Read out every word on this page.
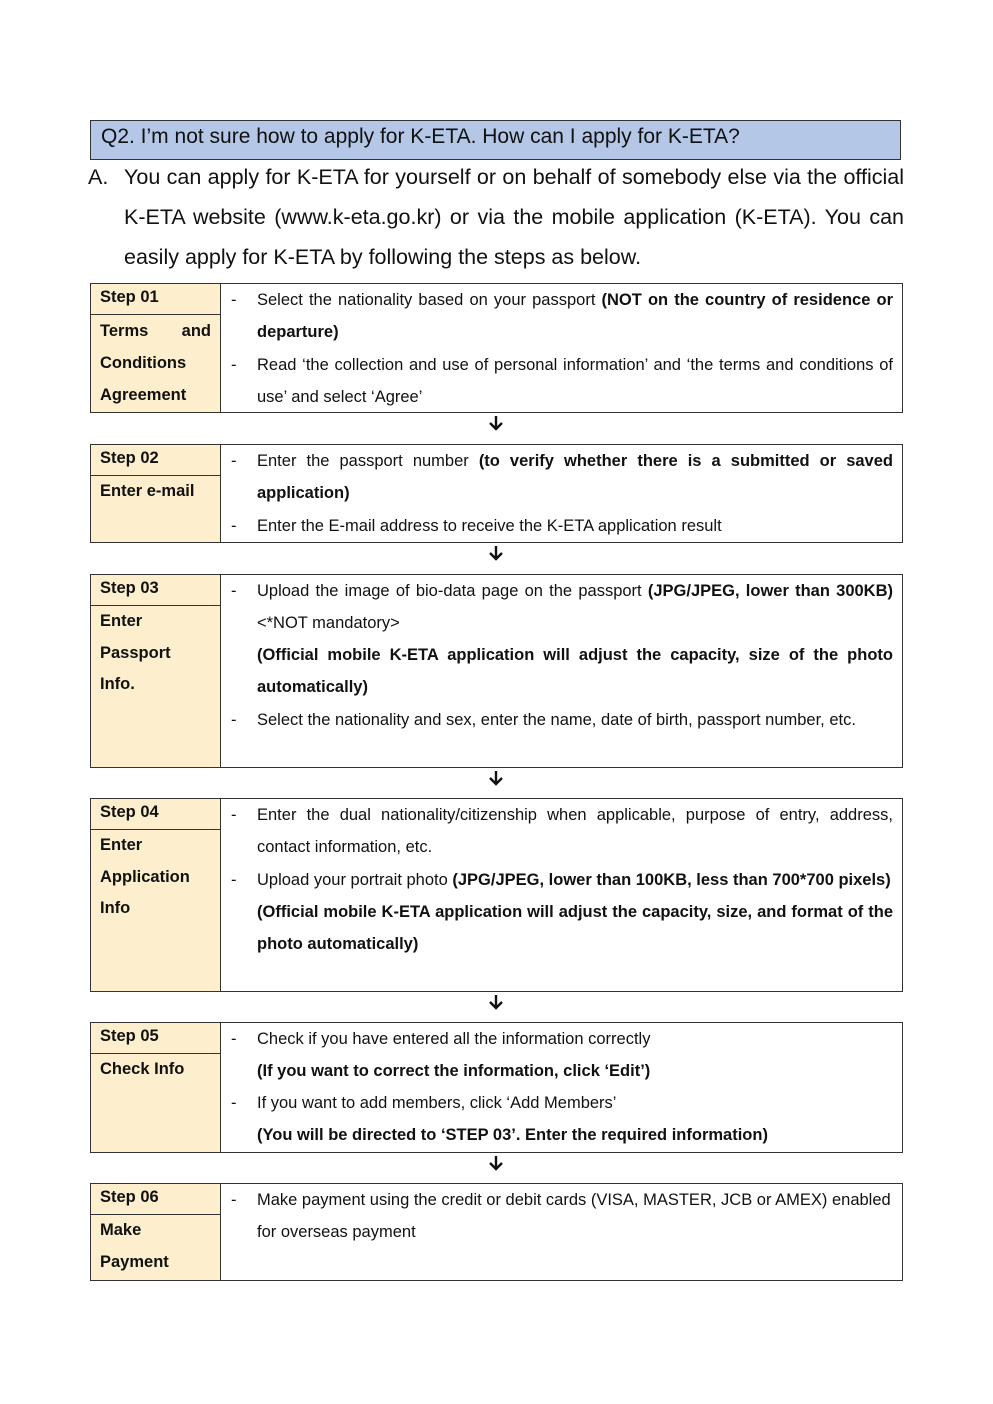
Q2. I’m not sure how to apply for K-ETA. How can I apply for K-ETA?
A. You can apply for K-ETA for yourself or on behalf of somebody else via the official K-ETA website (www.k-eta.go.kr) or via the mobile application (K-ETA). You can easily apply for K-ETA by following the steps as below.
Step 01
Terms and Conditions Agreement
- Select the nationality based on your passport (NOT on the country of residence or departure)
- Read ‘the collection and use of personal information’ and ‘the terms and conditions of use’ and select ‘Agree’
Step 02
Enter e-mail
- Enter the passport number (to verify whether there is a submitted or saved application)
- Enter the E-mail address to receive the K-ETA application result
Step 03
Enter Passport Info.
- Upload the image of bio-data page on the passport (JPG/JPEG, lower than 300KB) <*NOT mandatory>
(Official mobile K-ETA application will adjust the capacity, size of the photo automatically)
- Select the nationality and sex, enter the name, date of birth, passport number, etc.
Step 04
Enter Application Info
- Enter the dual nationality/citizenship when applicable, purpose of entry, address, contact information, etc.
- Upload your portrait photo (JPG/JPEG, lower than 100KB, less than 700*700 pixels)
(Official mobile K-ETA application will adjust the capacity, size, and format of the photo automatically)
Step 05
Check Info
- Check if you have entered all the information correctly
(If you want to correct the information, click ‘Edit’)
- If you want to add members, click ‘Add Members’
(You will be directed to ‘STEP 03’. Enter the required information)
Step 06
Make Payment
- Make payment using the credit or debit cards (VISA, MASTER, JCB or AMEX) enabled for overseas payment
